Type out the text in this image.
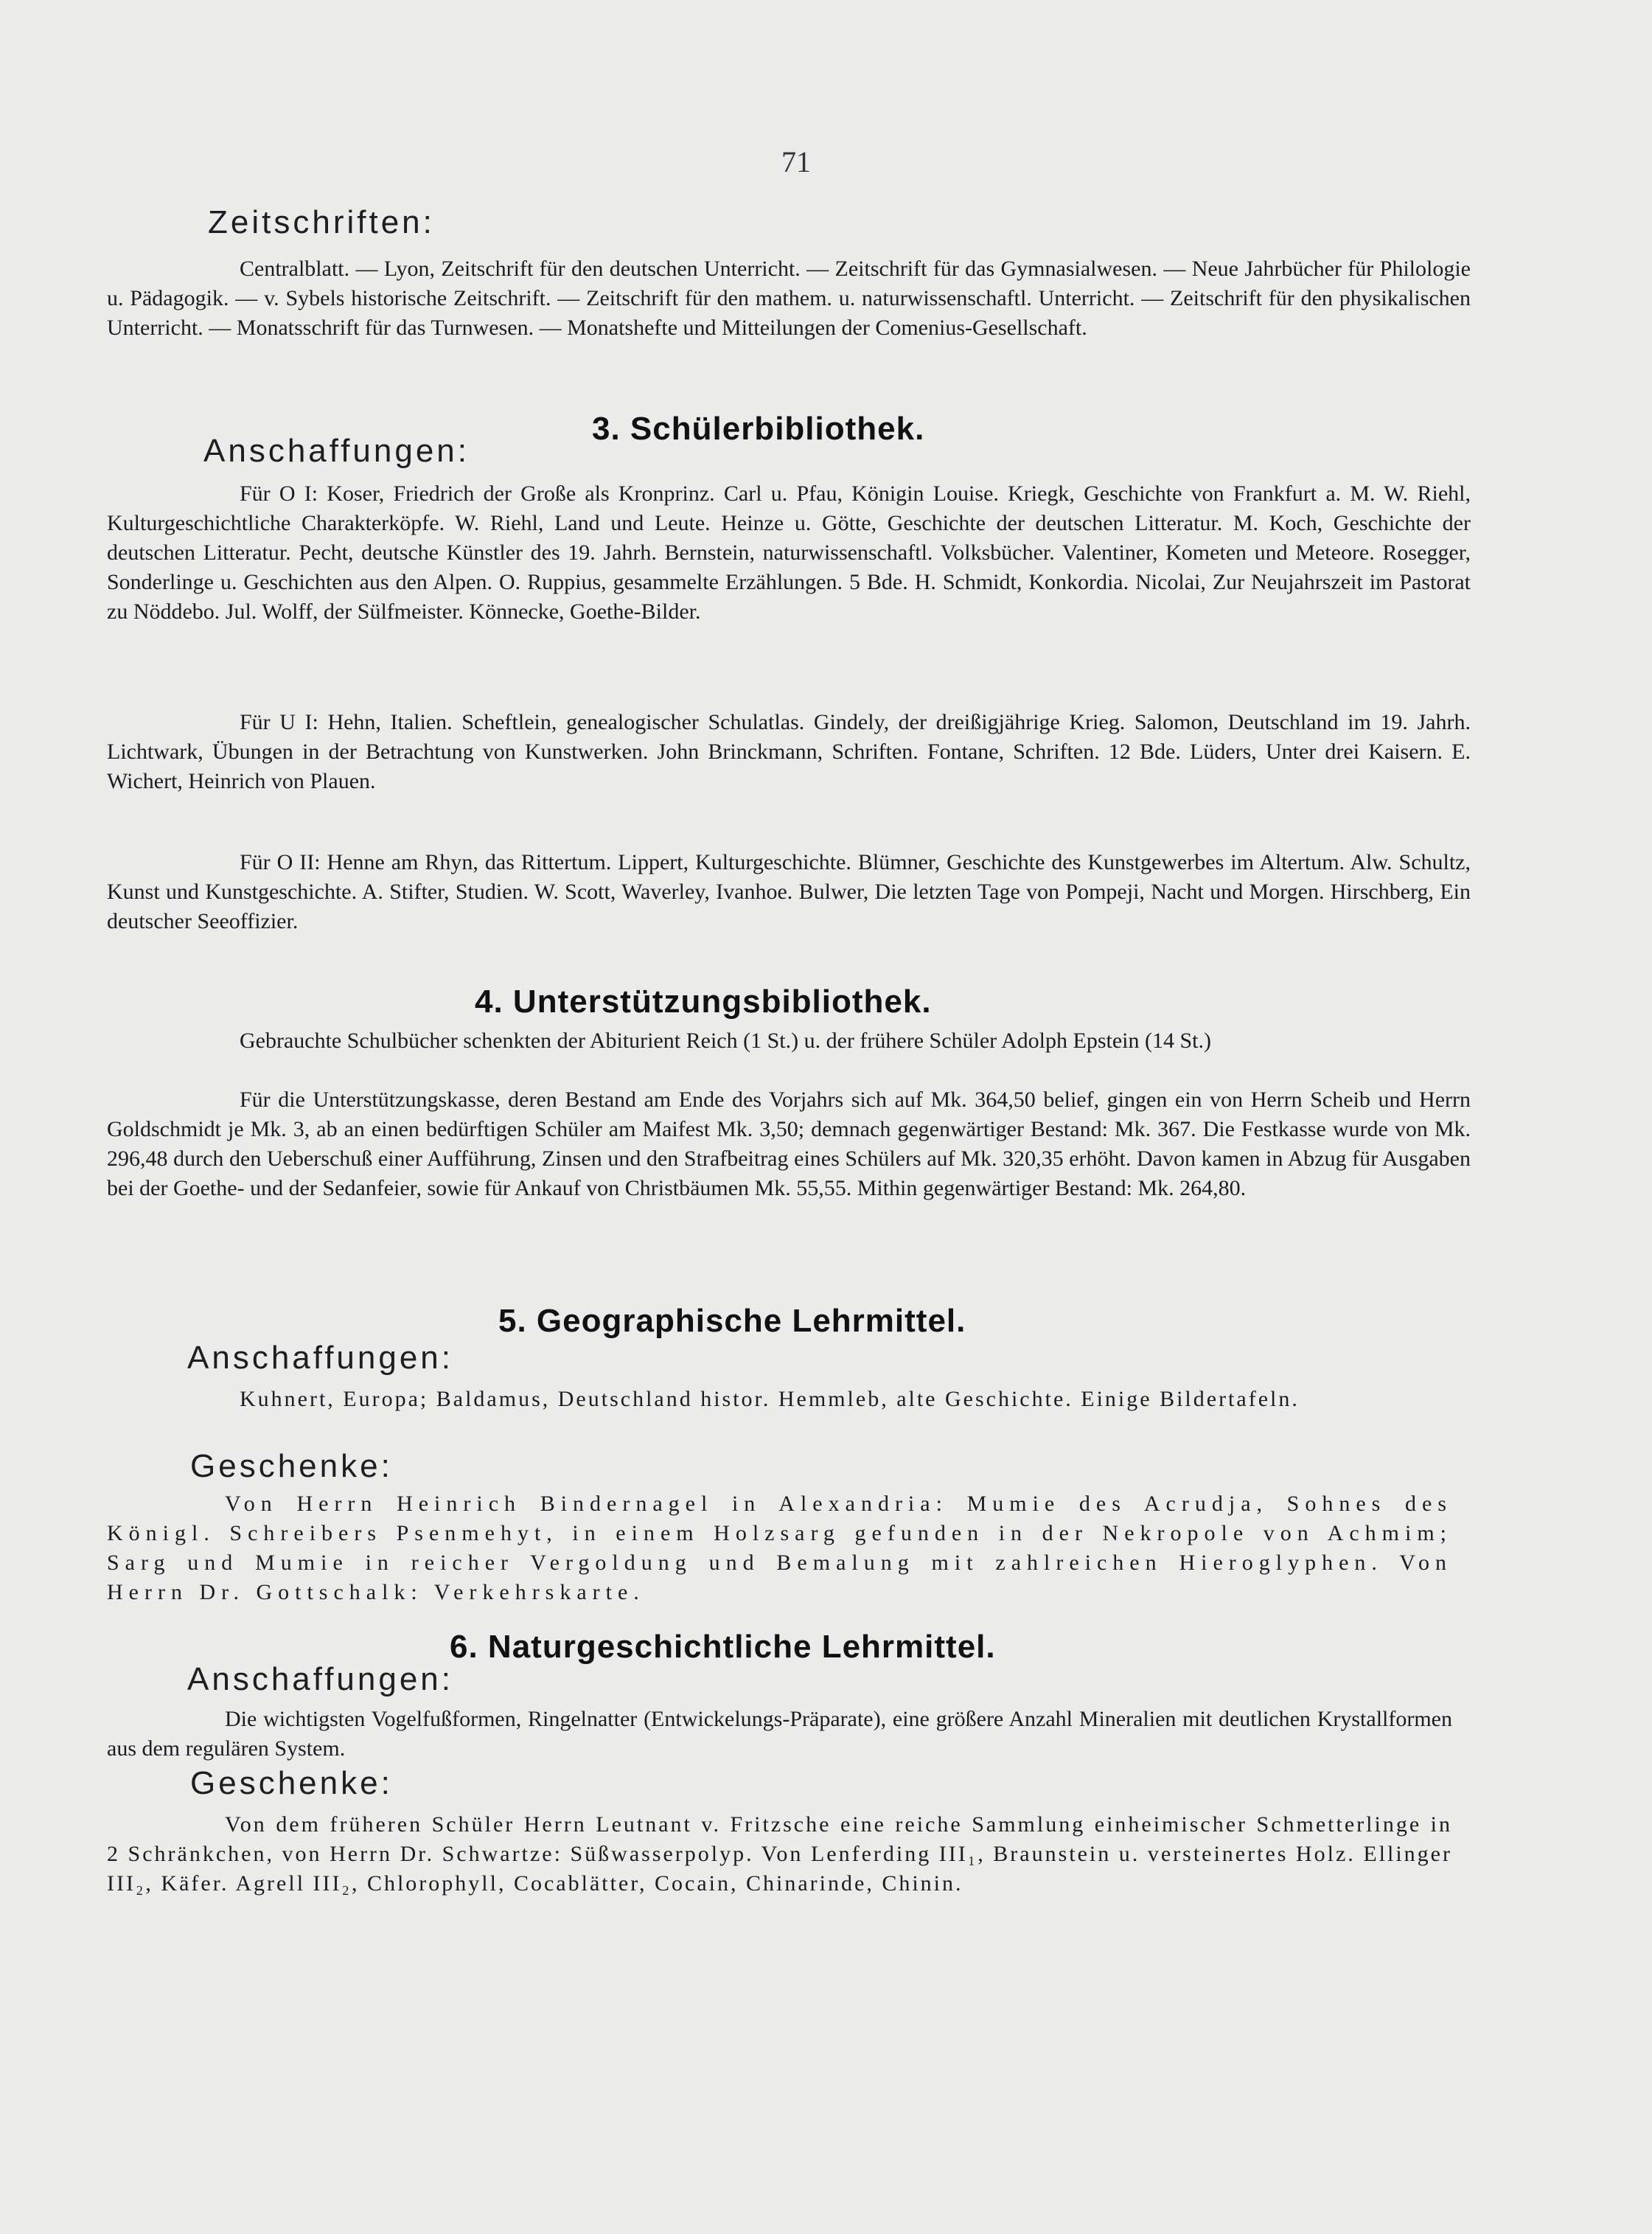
71
Zeitschriften:
Centralblatt. — Lyon, Zeitschrift für den deutschen Unterricht. — Zeitschrift für das Gymnasialwesen. — Neue Jahrbücher für Philologie u. Pädagogik. — v. Sybels historische Zeitschrift. — Zeitschrift für den mathem. u. naturwissenschaftl. Unterricht. — Zeitschrift für den physikalischen Unterricht. — Monatsschrift für das Turnwesen. — Monatshefte und Mitteilungen der Comenius-Gesellschaft.
3. Schülerbibliothek.
Anschaffungen:
Für O I: Koser, Friedrich der Große als Kronprinz. Carl u. Pfau, Königin Louise. Kriegk, Geschichte von Frankfurt a. M. W. Riehl, Kulturgeschichtliche Charakterköpfe. W. Riehl, Land und Leute. Heinze u. Götte, Geschichte der deutschen Litteratur. M. Koch, Geschichte der deutschen Litteratur. Pecht, deutsche Künstler des 19. Jahrh. Bernstein, naturwissenschaftl. Volksbücher. Valentiner, Kometen und Meteore. Rosegger, Sonderlinge u. Geschichten aus den Alpen. O. Ruppius, gesammelte Erzählungen. 5 Bde. H. Schmidt, Konkordia. Nicolai, Zur Neujahrszeit im Pastorat zu Nöddebo. Jul. Wolff, der Sülfmeister. Könnecke, Goethe-Bilder.
Für U I: Hehn, Italien. Scheftlein, genealogischer Schulatlas. Gindely, der dreißigjährige Krieg. Salomon, Deutschland im 19. Jahrh. Lichtwark, Übungen in der Betrachtung von Kunstwerken. John Brinckmann, Schriften. Fontane, Schriften. 12 Bde. Lüders, Unter drei Kaisern. E. Wichert, Heinrich von Plauen.
Für O II: Henne am Rhyn, das Rittertum. Lippert, Kulturgeschichte. Blümner, Geschichte des Kunstgewerbes im Altertum. Alw. Schultz, Kunst und Kunstgeschichte. A. Stifter, Studien. W. Scott, Waverley, Ivanhoe. Bulwer, Die letzten Tage von Pompeji, Nacht und Morgen. Hirschberg, Ein deutscher Seeoffizier.
4. Unterstützungsbibliothek.
Gebrauchte Schulbücher schenkten der Abiturient Reich (1 St.) u. der frühere Schüler Adolph Epstein (14 St.)
Für die Unterstützungskasse, deren Bestand am Ende des Vorjahrs sich auf Mk. 364,50 belief, gingen ein von Herrn Scheib und Herrn Goldschmidt je Mk. 3, ab an einen bedürftigen Schüler am Maifest Mk. 3,50; demnach gegenwärtiger Bestand: Mk. 367. Die Festkasse wurde von Mk. 296,48 durch den Ueberschuß einer Aufführung, Zinsen und den Strafbeitrag eines Schülers auf Mk. 320,35 erhöht. Davon kamen in Abzug für Ausgaben bei der Goethe- und der Sedanfeier, sowie für Ankauf von Christbäumen Mk. 55,55. Mithin gegenwärtiger Bestand: Mk. 264,80.
5. Geographische Lehrmittel.
Anschaffungen:
Kuhnert, Europa; Baldamus, Deutschland histor. Hemmleb, alte Geschichte. Einige Bildertafeln.
Geschenke:
Von Herrn Heinrich Bindernagel in Alexandria: Mumie des Acrudja, Sohnes des Königl. Schreibers Psenmehyt, in einem Holzsarg gefunden in der Nekropole von Achmim; Sarg und Mumie in reicher Vergoldung und Bemalung mit zahlreichen Hieroglyphen. Von Herrn Dr. Gottschalk: Verkehrskarte.
6. Naturgeschichtliche Lehrmittel.
Anschaffungen:
Die wichtigsten Vogelfußformen, Ringelnatter (Entwickelungs-Präparate), eine größere Anzahl Mineralien mit deutlichen Krystallformen aus dem regulären System.
Geschenke:
Von dem früheren Schüler Herrn Leutnant v. Fritzsche eine reiche Sammlung einheimischer Schmetterlinge in 2 Schränkchen, von Herrn Dr. Schwartze: Süßwasserpolyp. Von Lenferding III₁, Braunstein u. versteinertes Holz. Ellinger III₂, Käfer. Agrell III₂, Chlorophyll, Cocablätter, Cocain, Chinarinde, Chinin.
